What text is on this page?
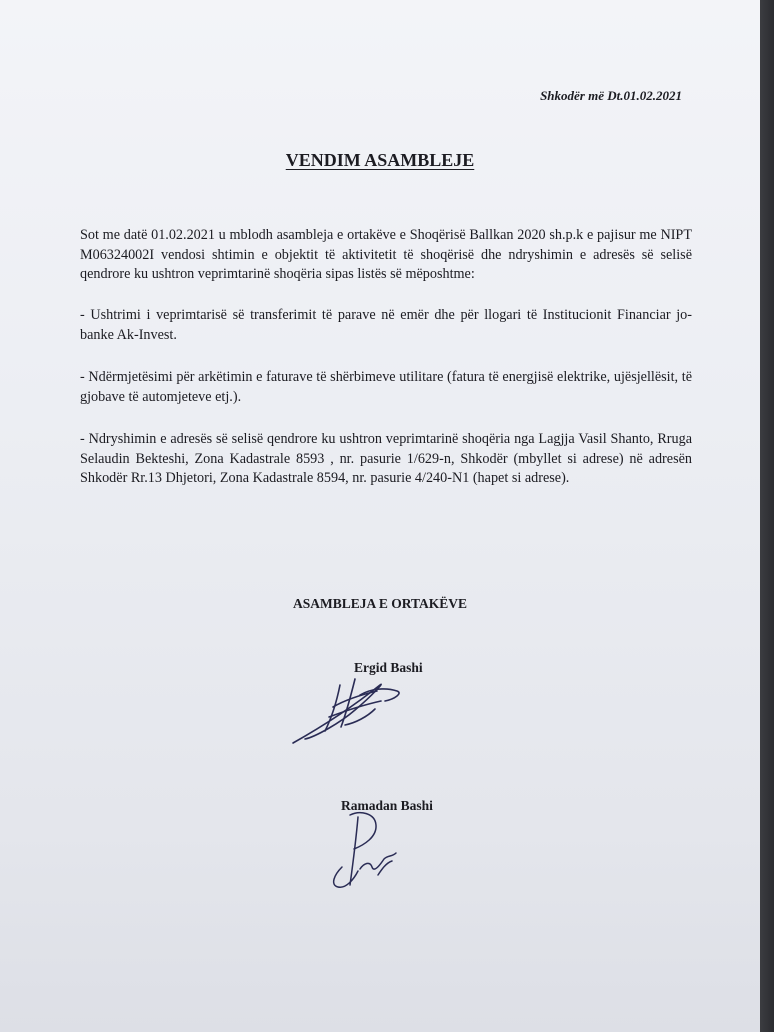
Shkodër më Dt.01.02.2021
VENDIM ASAMBLEJE
Sot me datë 01.02.2021 u mblodh asambleja e ortakëve e Shoqërisë Ballkan 2020 sh.p.k e pajisur me NIPT M06324002I vendosi shtimin e objektit të aktivitetit të shoqërisë dhe ndryshimin e adresës së selisë qendrore ku ushtron veprimtarinë shoqëria sipas listës së mëposhtme:
- Ushtrimi i veprimtarisë së transferimit të parave në emër dhe për llogari të Institucionit Financiar jo-banke Ak-Invest.
- Ndërmjetësimi për arkëtimin e faturave të shërbimeve utilitare (fatura të energjisë elektrike, ujësjellësit, të gjobave të automjeteve etj.).
- Ndryshimin e adresës së selisë qendrore ku ushtron veprimtarinë shoqëria nga Lagjja Vasil Shanto, Rruga Selaudin Bekteshi, Zona Kadastrale 8593 , nr. pasurie 1/629-n, Shkodër (mbyllet si adrese) në adresën Shkodër Rr.13 Dhjetori, Zona Kadastrale 8594, nr. pasurie 4/240-N1 (hapet si adrese).
ASAMBLEJA E ORTAKËVE
Ergid Bashi
Ramadan Bashi
